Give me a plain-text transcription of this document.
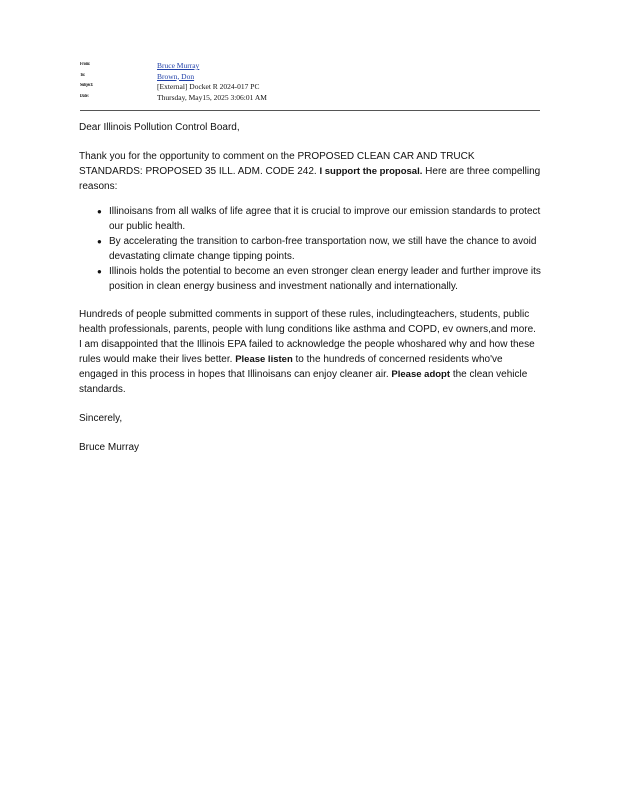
From:	Bruce Murray
To:	Brown, Don
Subject:	[External] Docket R 2024-017 PC
Date:	Thursday, May15, 2025 3:06:01 AM

Dear Illinois Pollution Control Board,

Thank you for the opportunity to comment on the PROPOSED CLEAN CAR AND TRUCK STANDARDS: PROPOSED 35 ILL. ADM. CODE 242. I support the proposal. Here are three compelling reasons:

● Illinoisans from all walks of life agree that it is crucial to improve our emission standards to protect our public health.
● By accelerating the transition to carbon-free transportation now, we still have the chance to avoid devastating climate change tipping points.
● Illinois holds the potential to become an even stronger clean energy leader and further improve its position in clean energy business and investment nationally and internationally.

Hundreds of people submitted comments in support of these rules, includingteachers, students, public health professionals, parents, people with lung conditions like asthma and COPD, ev owners,and more. I am disappointed that the Illinois EPA failed to acknowledge the people whoshared why and how these rules would make their lives better. Please listen to the hundreds of concerned residents who've engaged in this process in hopes that Illinoisans can enjoy cleaner air. Please adopt the clean vehicle standards.

Sincerely,

Bruce Murray
